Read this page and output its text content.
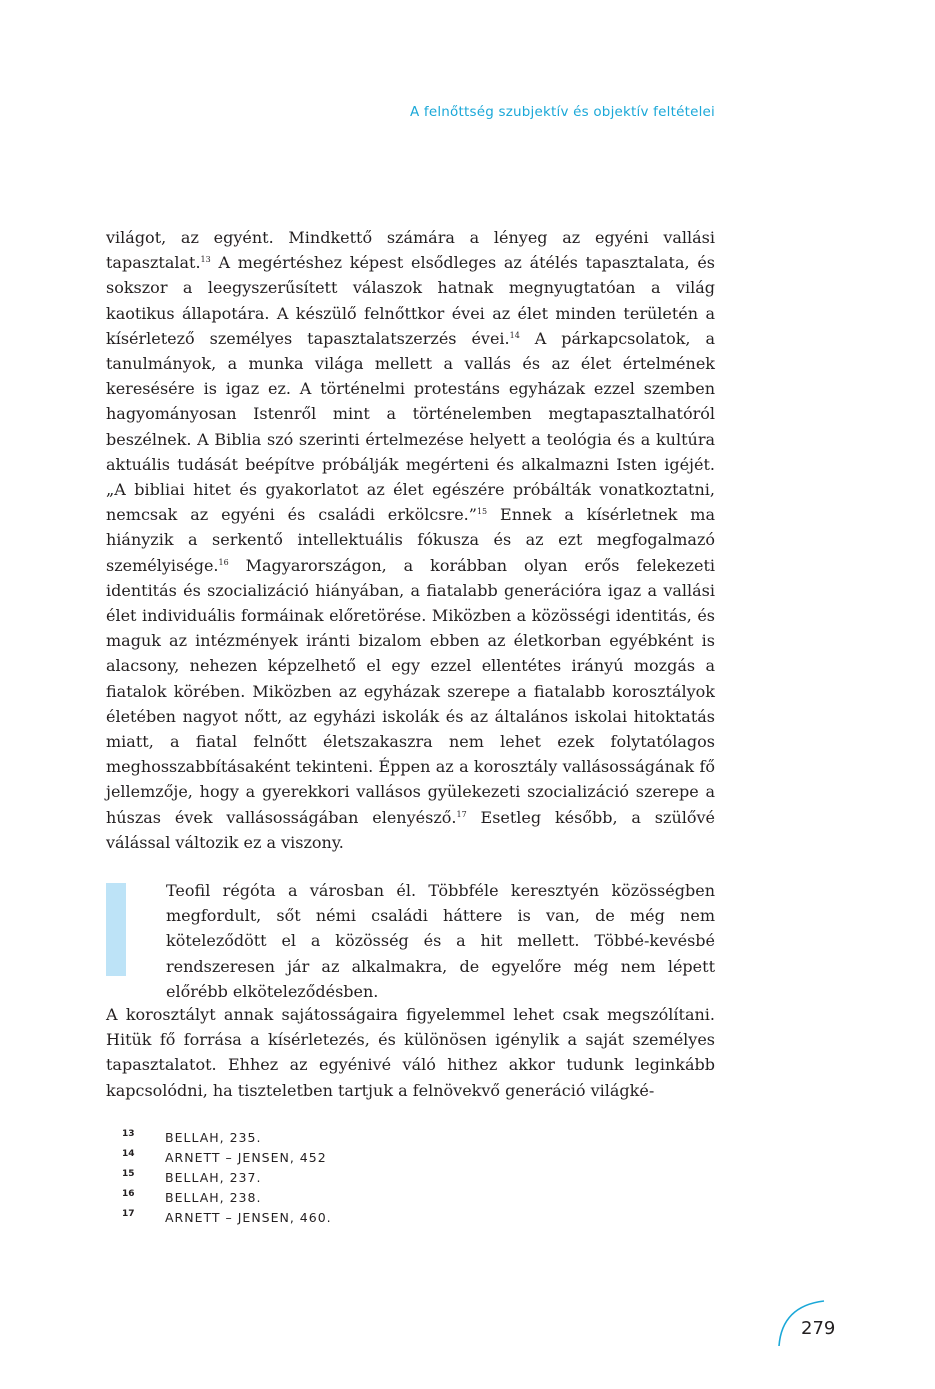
A felnőttség szubjektív és objektív feltételei

világot, az egyént. Mindkettő számára a lényeg az egyéni vallási tapasztalat.$^{13}$ A megértéshez képest elsődleges az átélés tapasztalata, és sokszor a leegyszerűsített válaszok hatnak megnyugtatóan a világ kaotikus állapotára. A készülő felnőttkor évei az élet minden területén a kísérletező személyes tapasztalatszerzés évei.$^{14}$ A párkapcsolatok, a tanulmányok, a munka világa mellett a vallás és az élet értelmének keresésére is igaz ez. A történelmi protestáns egyházak ezzel szemben hagyományosan Istenről mint a történelemben megtapasztalhatóról beszélnek. A Biblia szó szerinti értelmezése helyett a teológia és a kultúra aktuális tudását beépítve próbálják megérteni és alkalmazni Isten igéjét. „A bibliai hitet és gyakorlatot az élet egészére próbálták vonatkoztatni, nemcsak az egyéni és családi erkölcsre.”$^{15}$ Ennek a kísérletnek ma hiányzik a serkentő intellektuális fókusza és az ezt megfogalmazó személyisége.$^{16}$ Magyarországon, a korábban olyan erős felekezeti identitás és szocializáció hiányában, a fiatalabb generációra igaz a vallási élet individuális formáinak előretörése. Miközben a közösségi identitás, és maguk az intézmények iránti bizalom ebben az életkorban egyébként is alacsony, nehezen képzelhető el egy ezzel ellentétes irányú mozgás a fiatalok körében. Miközben az egyházak szerepe a fiatalabb korosztályok életében nagyot nőtt, az egyházi iskolák és az általános iskolai hitoktatás miatt, a fiatal felnőtt életszakaszra nem lehet ezek folytatólagos meghosszabbításaként tekinteni. Éppen az a korosztály vallásosságának fő jellemzője, hogy a gyerekkori vallásos gyülekezeti szocializáció szerepe a húszas évek vallásosságában elenyésző.$^{17}$ Esetleg később, a szülővé válással változik ez a viszony.

Teofil régóta a városban él. Többféle keresztyén közösségben megfordult, sőt némi családi háttere is van, de még nem köteleződött el a közösség és a hit mellett. Többé-kevésbé rendszeresen jár az alkalmakra, de egyelőre még nem lépett előrébb elköteleződésben.

A korosztályt annak sajátosságaira figyelemmel lehet csak megszólítani. Hitük fő forrása a kísérletezés, és különösen igénylik a saját személyes tapasztalatot. Ehhez az egyénivé váló hithez akkor tudunk leginkább kapcsolódni, ha tiszteletben tartjuk a felnövekvő generáció világké-

13	BELLAH, 235.
14	ARNETT – JENSEN, 452
15	BELLAH, 237.
16	BELLAH, 238.
17	ARNETT – JENSEN, 460.
279
